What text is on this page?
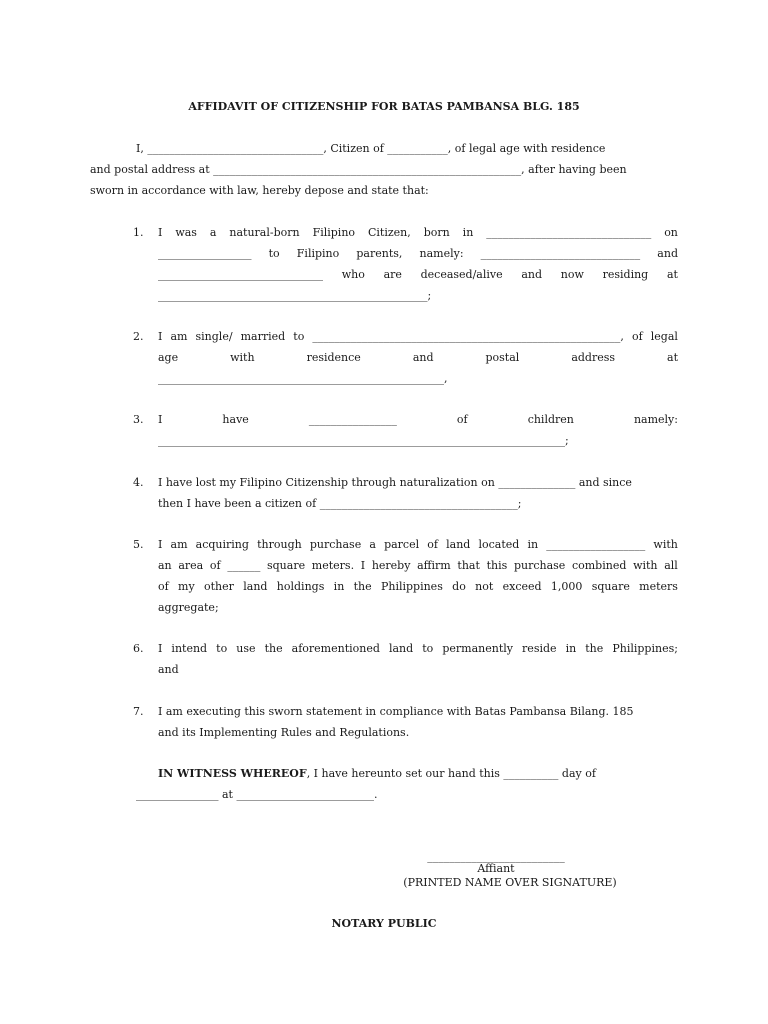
AFFIDAVIT OF CITIZENSHIP FOR BATAS PAMBANSA BLG. 185
I, ________________________________, Citizen of ___________, of legal age with residence
and postal address at ________________________________________________________, after having been
sworn in accordance with law, hereby depose and state that:
1. I was a natural-born Filipino Citizen, born in ______________________________ on
_________________ to Filipino parents, namely: _____________________________ and
______________________________ who are deceased/alive and now residing at
_________________________________________________;
2. I am single/ married to ________________________________________________________, of legal
age	with	residence	and	postal	address	at
____________________________________________________,
3. I	have	________________	of	children	namely:
__________________________________________________________________________;
4. I have lost my Filipino Citizenship through naturalization on ______________ and since
then I have been a citizen of ____________________________________;
5. I am acquiring through purchase a parcel of land located in __________________ with
an area of ______ square meters. I hereby affirm that this purchase combined with all
of my other land holdings in the Philippines do not exceed 1,000 square meters
aggregate;
6. I intend to use the aforementioned land to permanently reside in the Philippines;
and
7. I am executing this sworn statement in compliance with Batas Pambansa Bilang. 185
and its Implementing Rules and Regulations.
IN WITNESS WHEREOF, I have hereunto set our hand this __________ day of
_______________ at _________________________.
_________________________
Affiant
(PRINTED NAME OVER SIGNATURE)
NOTARY PUBLIC
